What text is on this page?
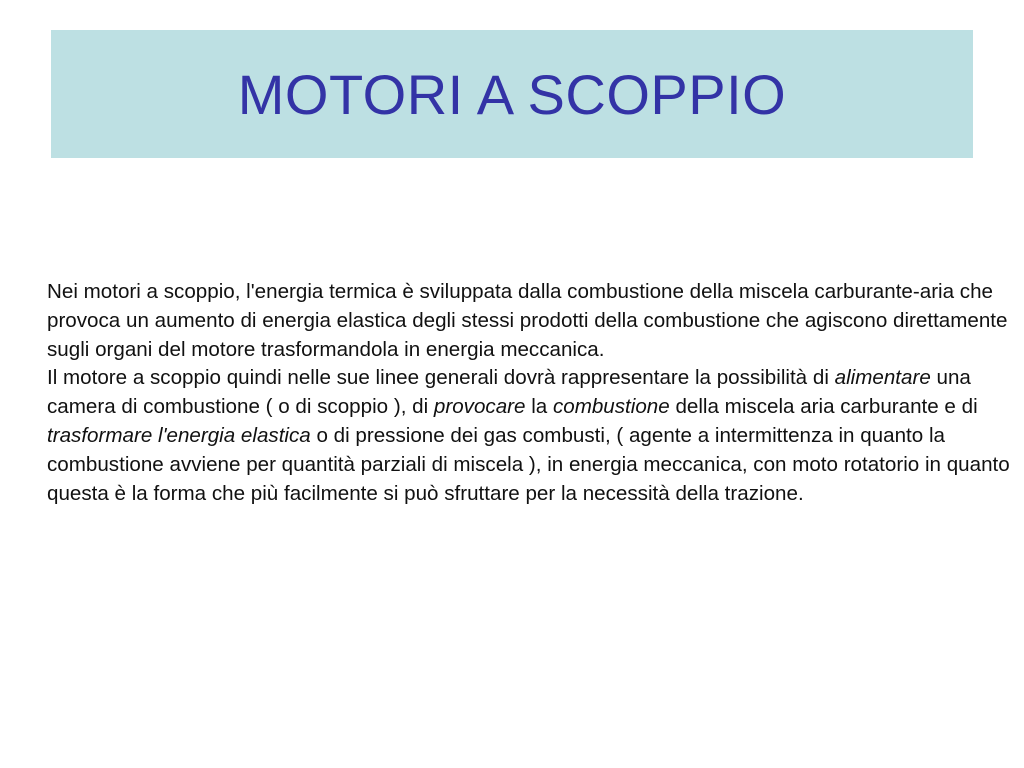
MOTORI A SCOPPIO

Nei motori a scoppio, l'energia termica è sviluppata dalla combustione della miscela carburante-aria che provoca un aumento di energia elastica degli stessi prodotti della combustione che agiscono direttamente sugli organi del motore trasformandola in energia meccanica.

Il motore a scoppio quindi nelle sue linee generali dovrà rappresentare la possibilità di alimentare una camera di combustione ( o di scoppio ), di provocare la combustione della miscela aria carburante e di trasformare l'energia elastica o di pressione dei gas combusti, ( agente a intermittenza in quanto la combustione avviene per quantità parziali di miscela ), in energia meccanica, con moto rotatorio in quanto questa è la forma che più facilmente si può sfruttare per la necessità della trazione.
